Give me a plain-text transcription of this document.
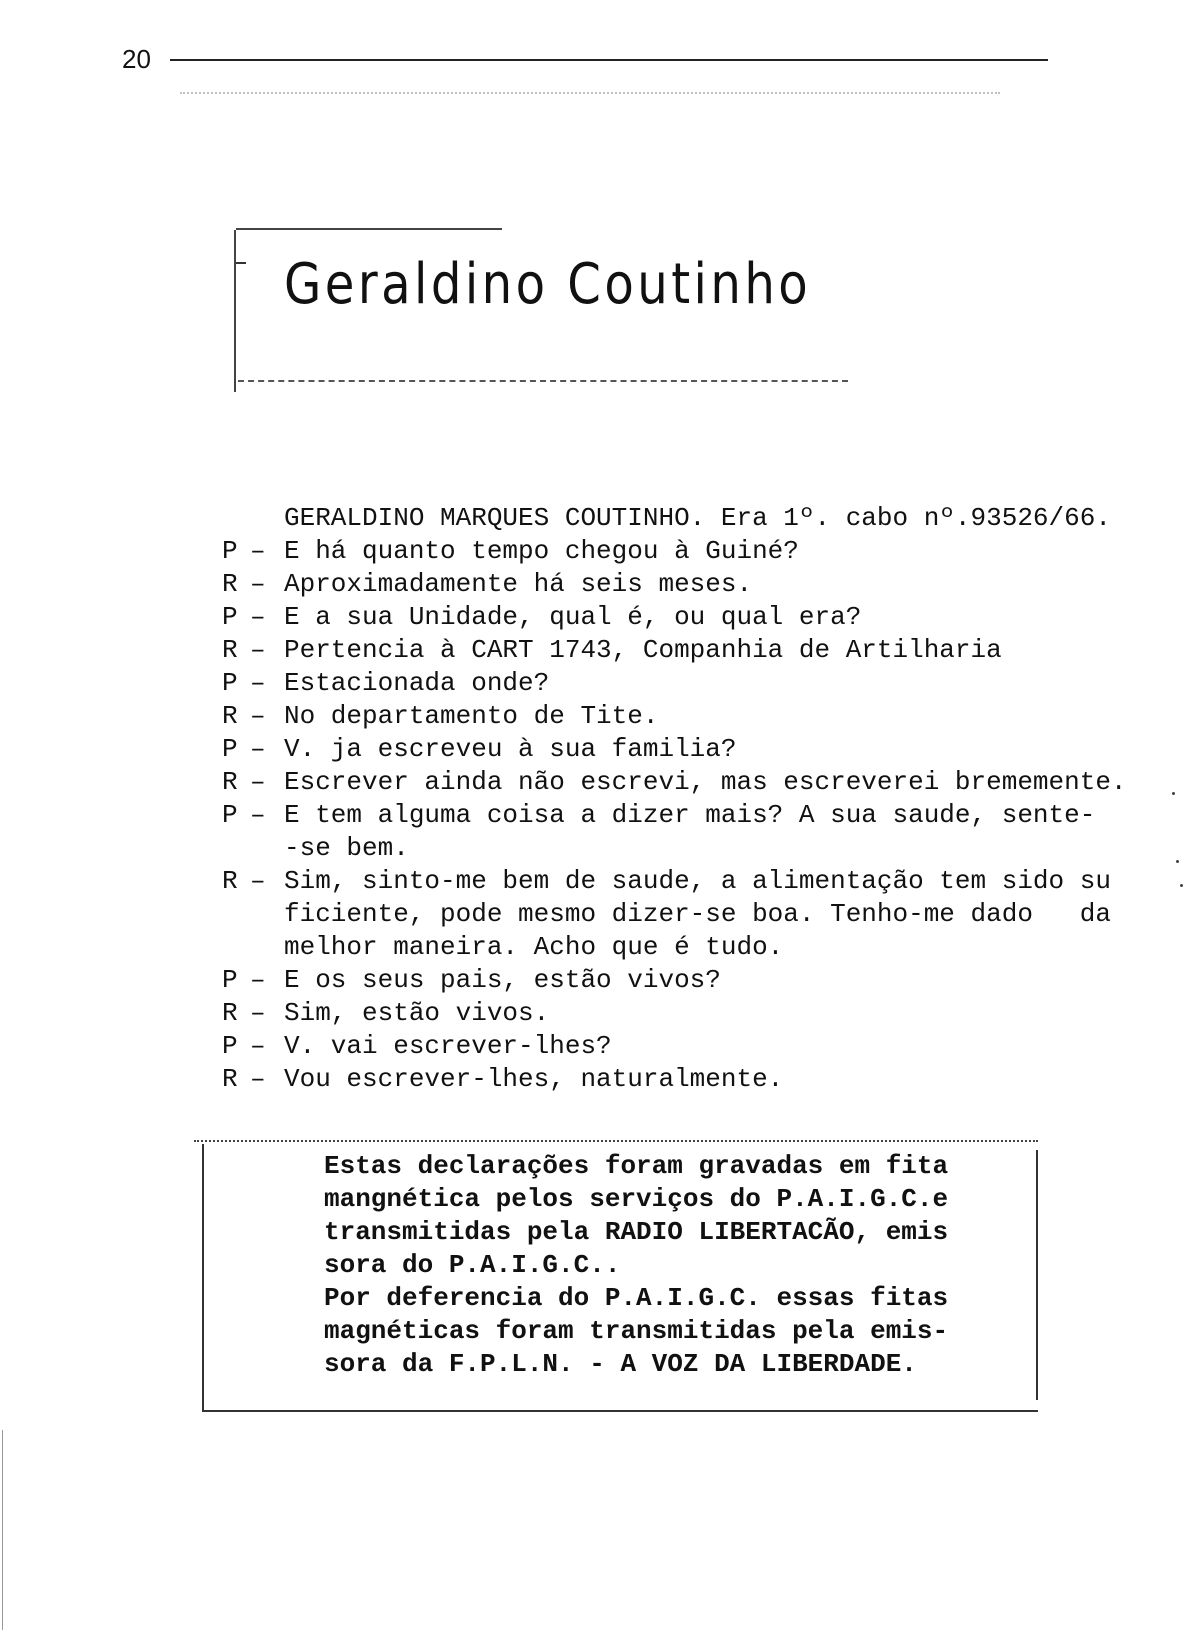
20
Geraldino Coutinho
GERALDINO MARQUES COUTINHO. Era 1º. cabo nº.93526/66.
P – E há quanto tempo chegou à Guiné?
R – Aproximadamente há seis meses.
P – E a sua Unidade, qual é, ou qual era?
R – Pertencia à CART 1743, Companhia de Artilharia
P – Estacionada onde?
R – No departamento de Tite.
P – V. ja escreveu à sua familia?
R – Escrever ainda não escrevi, mas escreverei brememente.
P – E tem alguma coisa a dizer mais? A sua saude, sente-
-se bem.
R – Sim, sinto-me bem de saude, a alimentação tem sido su
ficiente, pode mesmo dizer-se boa. Tenho-me dado   da
melhor maneira. Acho que é tudo.
P – E os seus pais, estão vivos?
R – Sim, estão vivos.
P – V. vai escrever-lhes?
R – Vou escrever-lhes, naturalmente.
Estas declarações foram gravadas em fita
mangnética pelos serviços do P.A.I.G.C.e
transmitidas pela RADIO LIBERTACÃO, emis
sora do P.A.I.G.C..
Por deferencia do P.A.I.G.C. essas fitas
magnéticas foram transmitidas pela emis-
sora da F.P.L.N. - A VOZ DA LIBERDADE.
